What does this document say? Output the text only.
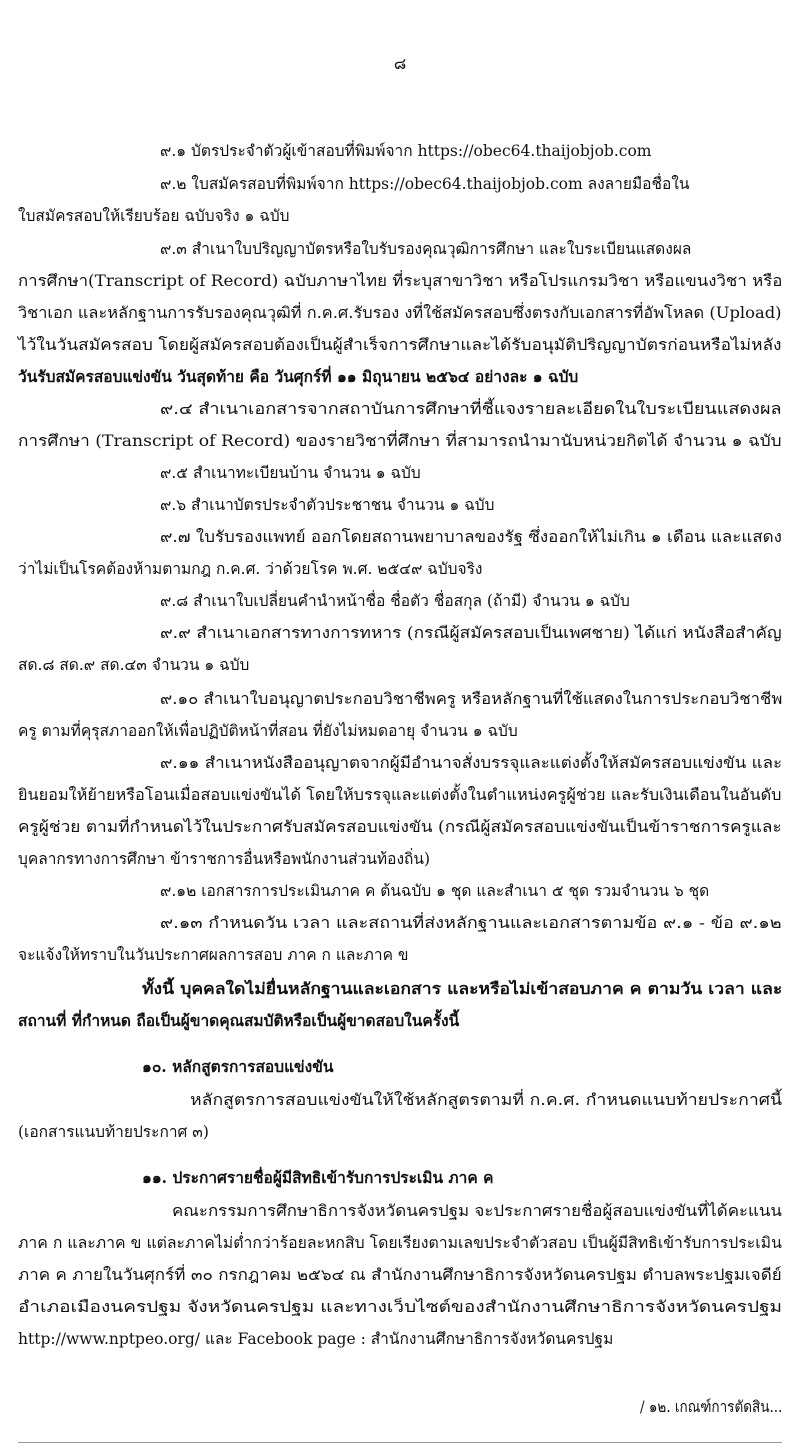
๘
๙.๑ บัตรประจำตัวผู้เข้าสอบที่พิมพ์จาก https://obec64.thaijobjob.com
๙.๒ ใบสมัครสอบที่พิมพ์จาก https://obec64.thaijobjob.com ลงลายมือชื่อใน
ใบสมัครสอบให้เรียบร้อย ฉบับจริง ๑ ฉบับ
๙.๓ สำเนาใบปริญญาบัตรหรือใบรับรองคุณวุฒิการศึกษา และใบระเบียนแสดงผล
การศึกษา(Transcript of Record) ฉบับภาษาไทย ที่ระบุสาขาวิชา หรือโปรแกรมวิชา หรือแขนงวิชา หรือ
วิชาเอก และหลักฐานการรับรองคุณวุฒิที่ ก.ค.ศ.รับรอง งที่ใช้สมัครสอบซึ่งตรงกับเอกสารที่อัพโหลด (Upload)
ไว้ในวันสมัครสอบ โดยผู้สมัครสอบต้องเป็นผู้สำเร็จการศึกษาและได้รับอนุมัติปริญญาบัตรก่อนหรือไม่หลัง
วันรับสมัครสอบแข่งขัน วันสุดท้าย คือ วันศุกร์ที่ ๑๑ มิถุนายน ๒๕๖๔ อย่างละ ๑ ฉบับ
๙.๔ สำเนาเอกสารจากสถาบันการศึกษาที่ชี้แจงรายละเอียดในใบระเบียนแสดงผล
การศึกษา (Transcript of Record) ของรายวิชาที่ศึกษา ที่สามารถนำมานับหน่วยกิตได้ จำนวน ๑ ฉบับ
๙.๕ สำเนาทะเบียนบ้าน จำนวน ๑ ฉบับ
๙.๖ สำเนาบัตรประจำตัวประชาชน จำนวน ๑ ฉบับ
๙.๗ ใบรับรองแพทย์ ออกโดยสถานพยาบาลของรัฐ ซึ่งออกให้ไม่เกิน ๑ เดือน และแสดง
ว่าไม่เป็นโรคต้องห้ามตามกฎ ก.ค.ศ. ว่าด้วยโรค พ.ศ. ๒๕๔๙ ฉบับจริง
๙.๘ สำเนาใบเปลี่ยนคำนำหน้าชื่อ ชื่อตัว ชื่อสกุล (ถ้ามี) จำนวน ๑ ฉบับ
๙.๙ สำเนาเอกสารทางการทหาร (กรณีผู้สมัครสอบเป็นเพศชาย) ได้แก่ หนังสือสำคัญ
สด.๘ สด.๙ สด.๔๓ จำนวน ๑ ฉบับ
๙.๑๐ สำเนาใบอนุญาตประกอบวิชาชีพครู หรือหลักฐานที่ใช้แสดงในการประกอบวิชาชีพ
ครู ตามที่คุรุสภาออกให้เพื่อปฏิบัติหน้าที่สอน ที่ยังไม่หมดอายุ จำนวน ๑ ฉบับ
๙.๑๑ สำเนาหนังสืออนุญาตจากผู้มีอำนาจสั่งบรรจุและแต่งตั้งให้สมัครสอบแข่งขัน และ
ยินยอมให้ย้ายหรือโอนเมื่อสอบแข่งขันได้ โดยให้บรรจุและแต่งตั้งในตำแหน่งครูผู้ช่วย และรับเงินเดือนในอันดับ
ครูผู้ช่วย ตามที่กำหนดไว้ในประกาศรับสมัครสอบแข่งขัน (กรณีผู้สมัครสอบแข่งขันเป็นข้าราชการครูและ
บุคลากรทางการศึกษา ข้าราชการอื่นหรือพนักงานส่วนท้องถิ่น)
๙.๑๒ เอกสารการประเมินภาค ค ต้นฉบับ ๑ ชุด และสำเนา ๕ ชุด รวมจำนวน ๖ ชุด
๙.๑๓ กำหนดวัน เวลา และสถานที่ส่งหลักฐานและเอกสารตามข้อ ๙.๑ - ข้อ ๙.๑๒
จะแจ้งให้ทราบในวันประกาศผลการสอบ ภาค ก และภาค ข
ทั้งนี้ บุคคลใดไม่ยื่นหลักฐานและเอกสาร และหรือไม่เข้าสอบภาค ค ตามวัน เวลา และ
สถานที่ ที่กำหนด ถือเป็นผู้ขาดคุณสมบัติหรือเป็นผู้ขาดสอบในครั้งนี้
๑๐. หลักสูตรการสอบแข่งขัน
หลักสูตรการสอบแข่งขันให้ใช้หลักสูตรตามที่ ก.ค.ศ. กำหนดแนบท้ายประกาศนี้
(เอกสารแนบท้ายประกาศ ๓)
๑๑. ประกาศรายชื่อผู้มีสิทธิเข้ารับการประเมิน ภาค ค
คณะกรรมการศึกษาธิการจังหวัดนครปฐม จะประกาศรายชื่อผู้สอบแข่งขันที่ได้คะแนน
ภาค ก และภาค ข แต่ละภาคไม่ต่ำกว่าร้อยละหกสิบ โดยเรียงตามเลขประจำตัวสอบ เป็นผู้มีสิทธิเข้ารับการประเมิน
ภาค ค ภายในวันศุกร์ที่ ๓๐ กรกฎาคม ๒๕๖๔ ณ สำนักงานศึกษาธิการจังหวัดนครปฐม ตำบลพระปฐมเจดีย์
อำเภอเมืองนครปฐม จังหวัดนครปฐม และทางเว็บไซต์ของสำนักงานศึกษาธิการจังหวัดนครปฐม
http://www.nptpeo.org/ และ Facebook page : สำนักงานศึกษาธิการจังหวัดนครปฐม
/ ๑๒. เกณฑ์การตัดสิน...
